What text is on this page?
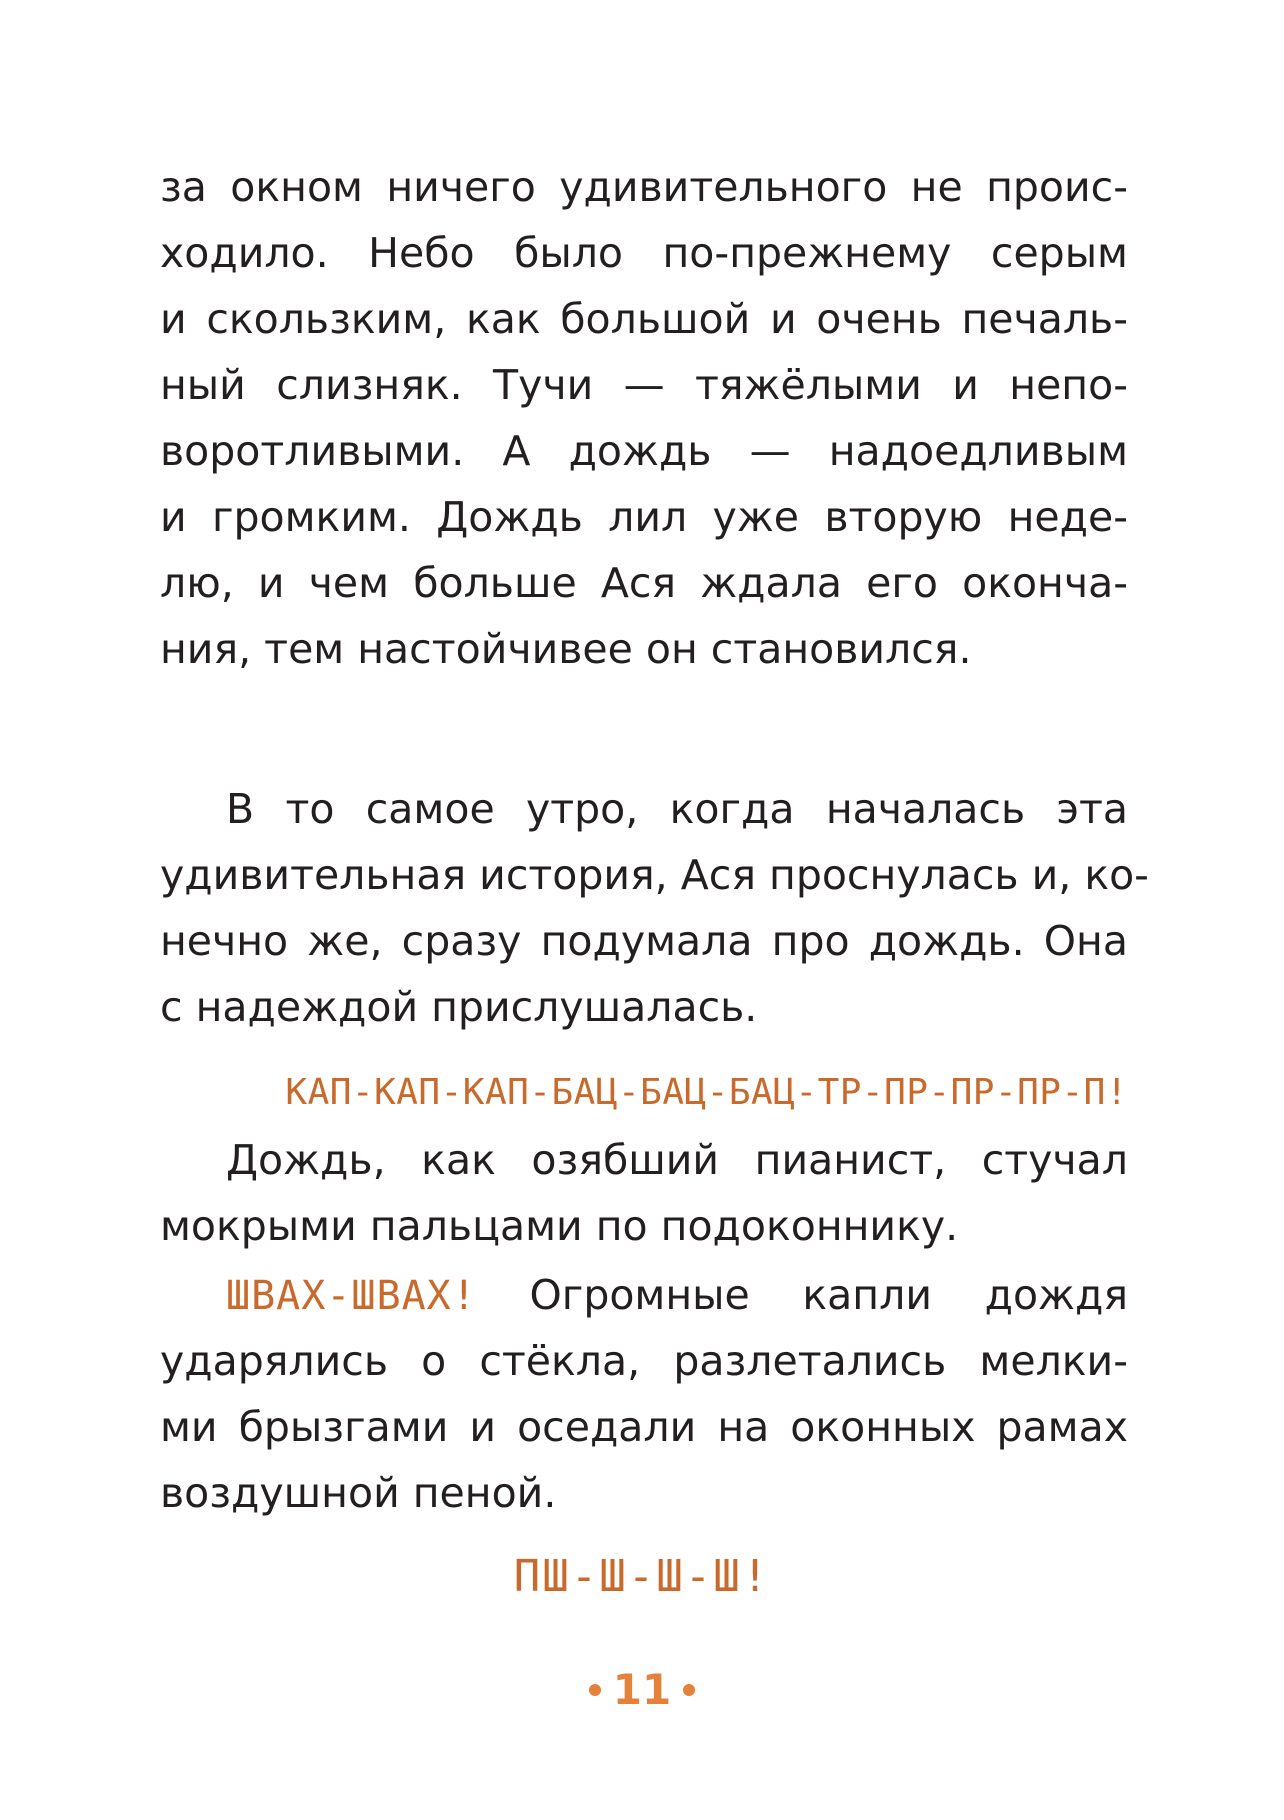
за окном ничего удивительного не проис-
ходило. Небо было по-прежнему серым
и скользким, как большой и очень печаль-
ный слизняк. Тучи — тяжёлыми и непо-
воротливыми. А дождь — надоедливым
и громким. Дождь лил уже вторую неде-
лю, и чем больше Ася ждала его оконча-
ния, тем настойчивее он становился.
В то самое утро, когда началась эта
удивительная история, Ася проснулась и, ко-
нечно же, сразу подумала про дождь. Она
с надеждой прислушалась.
КАП-КАП-КАП-БАЦ-БАЦ-БАЦ-ТР-ПР-ПР-ПР-П!
Дождь, как озябший пианист, стучал
мокрыми пальцами по подоконнику.
ШВАХ-ШВАХ! Огромные капли дождя
ударялись о стёкла, разлетались мелки-
ми брызгами и оседали на оконных рамах
воздушной пеной.
ПШ-Ш-Ш-Ш!
11
